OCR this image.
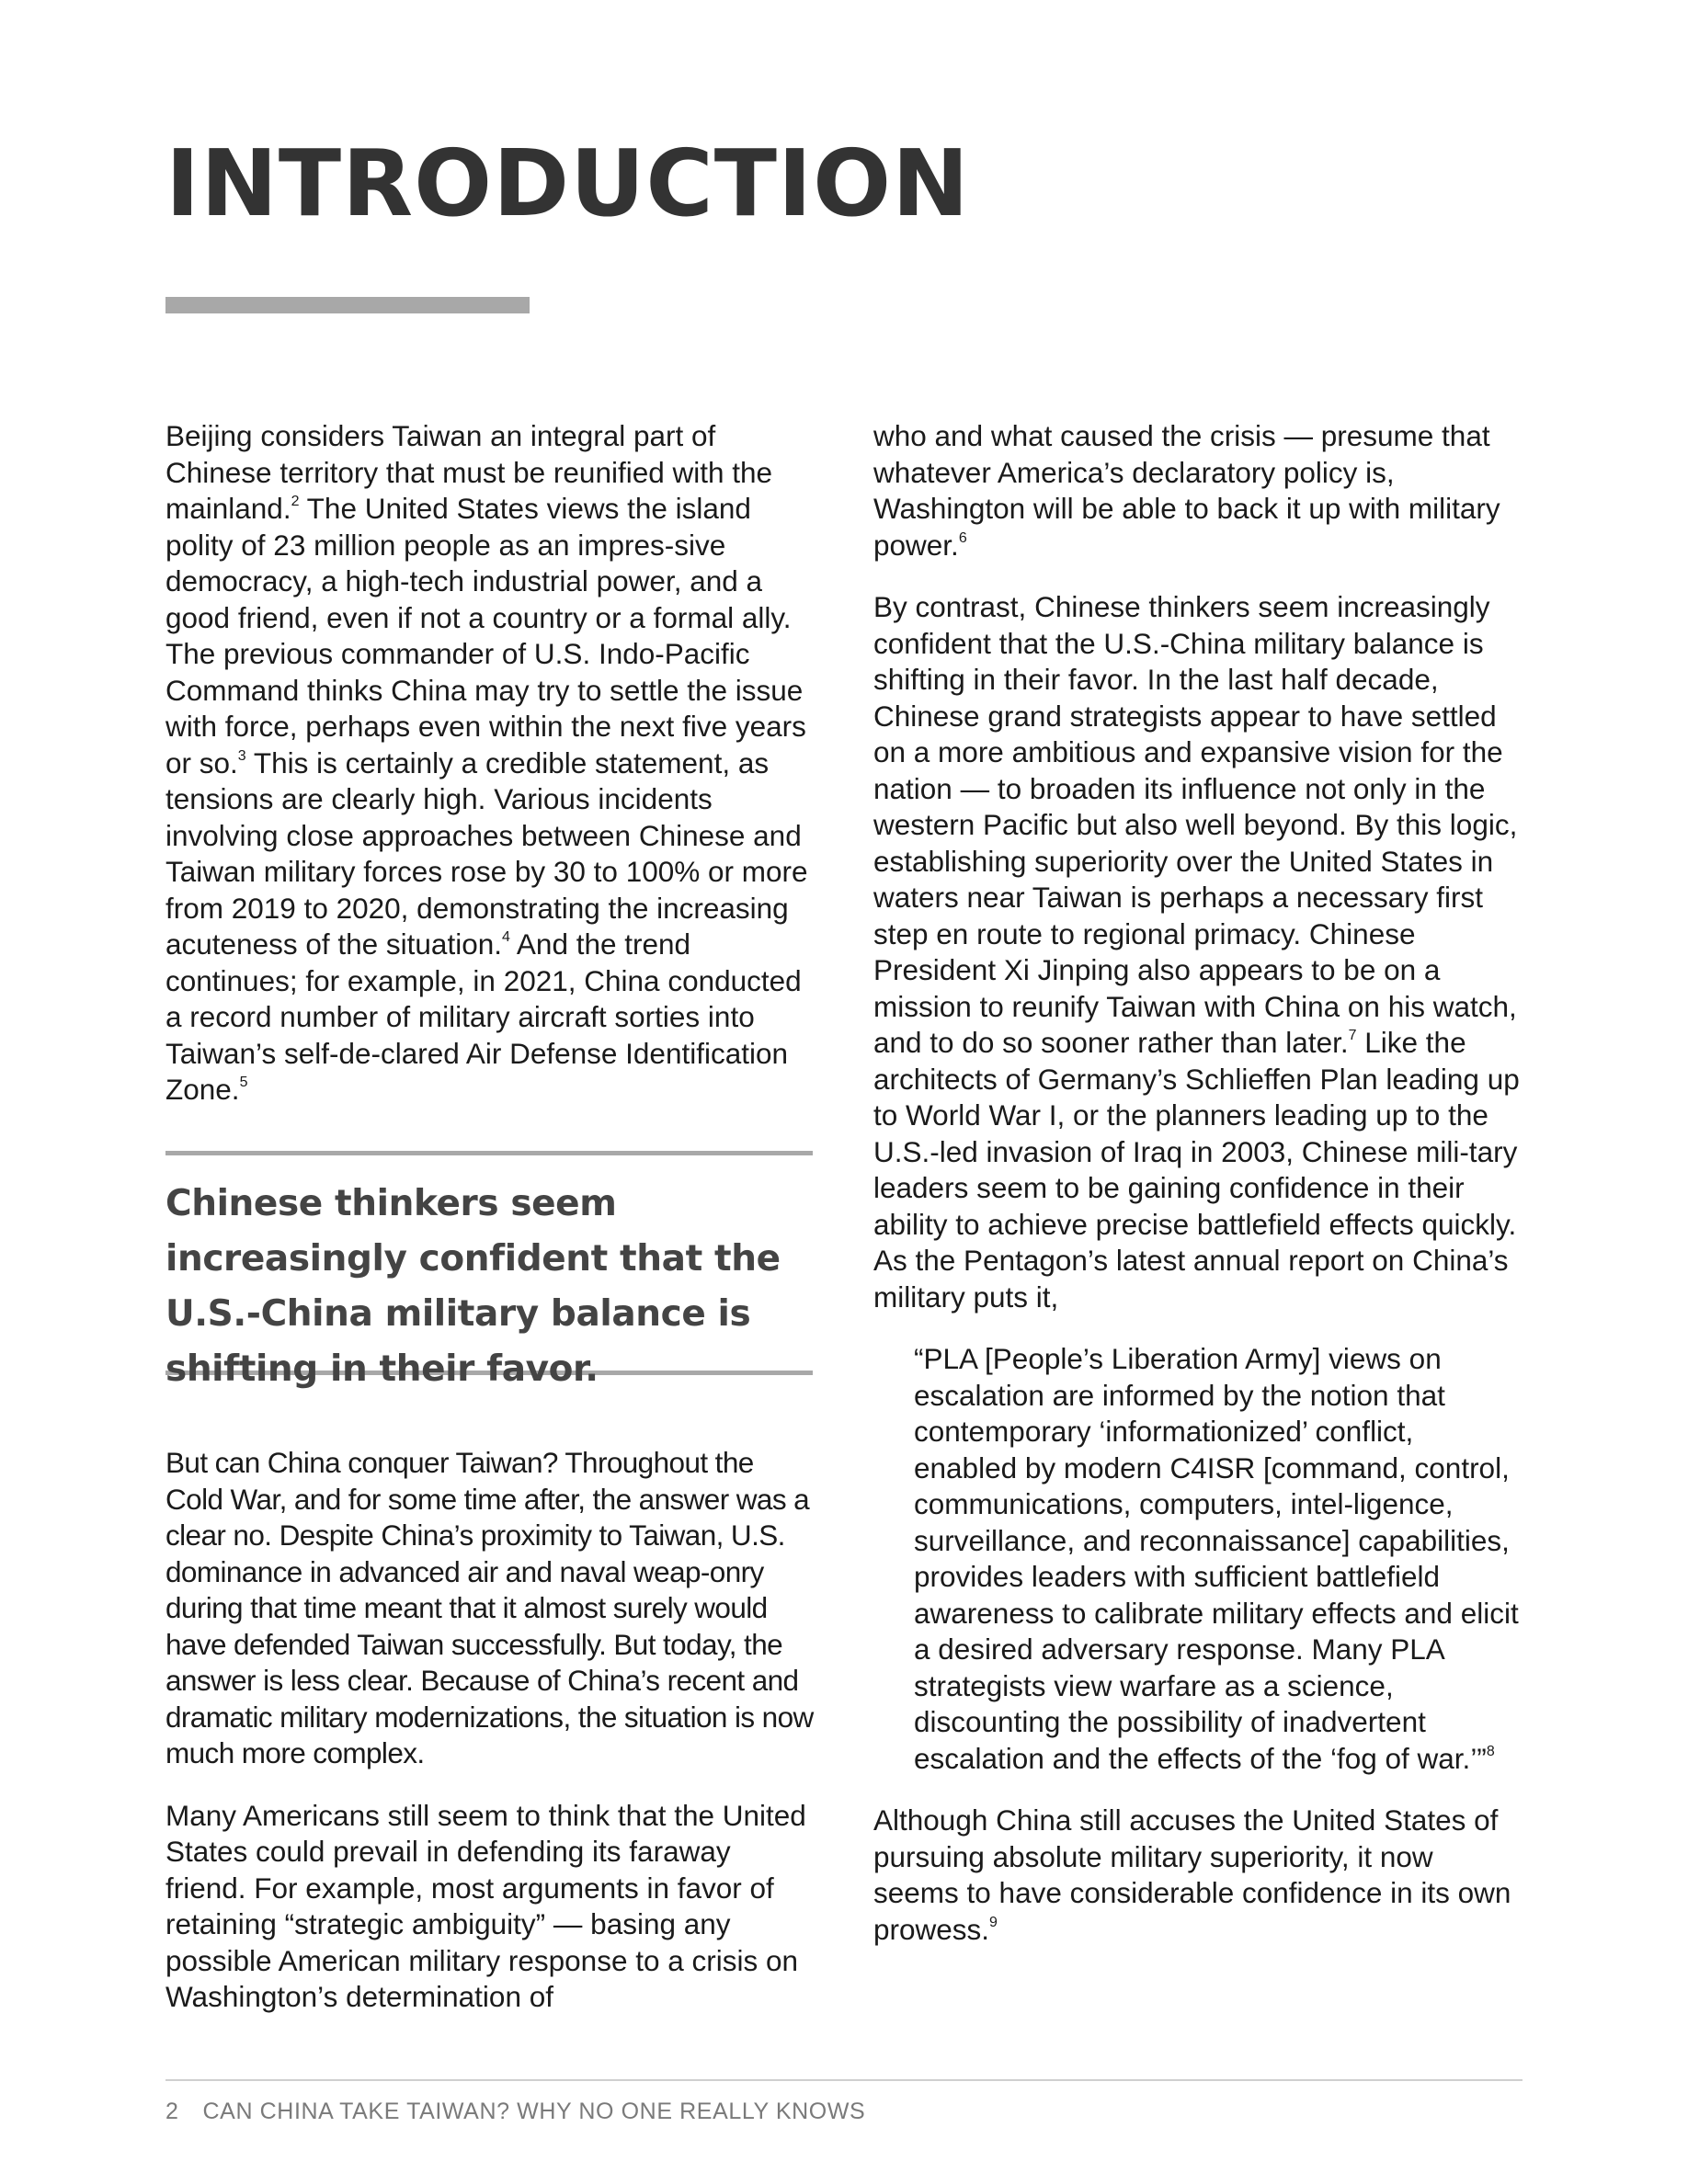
INTRODUCTION

Beijing considers Taiwan an integral part of Chinese territory that must be reunified with the mainland.$^2$ The United States views the island polity of 23 million people as an impres-sive democracy, a high-tech industrial power, and a good friend, even if not a country or a formal ally. The previous commander of U.S. Indo-Pacific Command thinks China may try to settle the issue with force, perhaps even within the next five years or so.$^3$ This is certainly a credible statement, as tensions are clearly high. Various incidents involving close approaches between Chinese and Taiwan military forces rose by 30 to 100% or more from 2019 to 2020, demonstrating the increasing acuteness of the situation.$^4$ And the trend continues; for example, in 2021, China conducted a record number of military aircraft sorties into Taiwan’s self-de-clared Air Defense Identification Zone.$^5$

Chinese thinkers seem increasingly confident that the U.S.-China military balance is shifting in their favor.

But can China conquer Taiwan? Throughout the Cold War, and for some time after, the answer was a clear no. Despite China’s proximity to Taiwan, U.S. dominance in advanced air and naval weap-onry during that time meant that it almost surely would have defended Taiwan successfully. But today, the answer is less clear. Because of China’s recent and dramatic military modernizations, the situation is now much more complex.

Many Americans still seem to think that the United States could prevail in defending its faraway friend. For example, most arguments in favor of retaining “strategic ambiguity” — basing any possible American military response to a crisis on Washington’s determination of

who and what caused the crisis — presume that whatever America’s declaratory policy is, Washington will be able to back it up with military power.$^6$

By contrast, Chinese thinkers seem increasingly confident that the U.S.-China military balance is shifting in their favor. In the last half decade, Chinese grand strategists appear to have settled on a more ambitious and expansive vision for the nation — to broaden its influence not only in the western Pacific but also well beyond. By this logic, establishing superiority over the United States in waters near Taiwan is perhaps a necessary first step en route to regional primacy. Chinese President Xi Jinping also appears to be on a mission to reunify Taiwan with China on his watch, and to do so sooner rather than later.$^7$ Like the architects of Germany’s Schlieffen Plan leading up to World War I, or the planners leading up to the U.S.-led invasion of Iraq in 2003, Chinese mili-tary leaders seem to be gaining confidence in their ability to achieve precise battlefield effects quickly. As the Pentagon’s latest annual report on China’s military puts it,

“PLA [People’s Liberation Army] views on escalation are informed by the notion that contemporary ‘informationized’ conflict, enabled by modern C4ISR [command, control, communications, computers, intel-ligence, surveillance, and reconnaissance] capabilities, provides leaders with sufficient battlefield awareness to calibrate military effects and elicit a desired adversary response. Many PLA strategists view warfare as a science, discounting the possibility of inadvertent escalation and the effects of the ‘fog of war.’”$^8$

Although China still accuses the United States of pursuing absolute military superiority, it now seems to have considerable confidence in its own prowess.$^9$

2 CAN CHINA TAKE TAIWAN? WHY NO ONE REALLY KNOWS
